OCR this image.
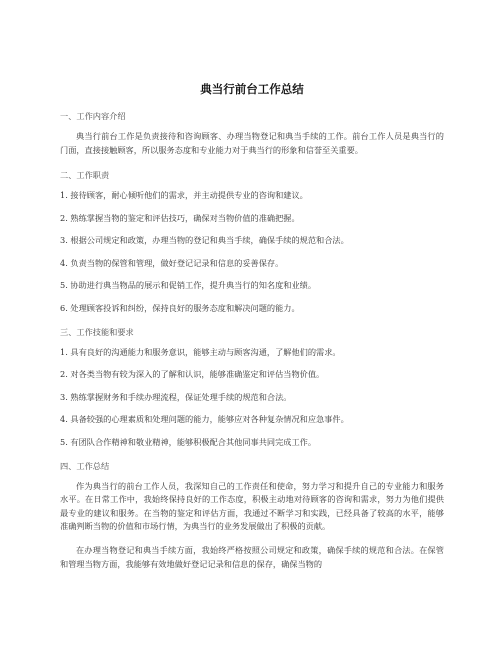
典当行前台工作总结
一、工作内容介绍

典当行前台工作是负责接待和咨询顾客、办理当物登记和典当手续的工作。前台工作人员是典当行的门面，直接接触顾客，所以服务态度和专业能力对于典当行的形象和信誉至关重要。

二、工作职责
1. 接待顾客，耐心倾听他们的需求，并主动提供专业的咨询和建议。
2. 熟练掌握当物的鉴定和评估技巧，确保对当物价值的准确把握。
3. 根据公司规定和政策，办理当物的登记和典当手续，确保手续的规范和合法。
4. 负责当物的保管和管理，做好登记记录和信息的妥善保存。
5. 协助进行典当物品的展示和促销工作，提升典当行的知名度和业绩。
6. 处理顾客投诉和纠纷，保持良好的服务态度和解决问题的能力。
三、工作技能和要求
1. 具有良好的沟通能力和服务意识，能够主动与顾客沟通，了解他们的需求。
2. 对各类当物有较为深入的了解和认识，能够准确鉴定和评估当物价值。
3. 熟练掌握财务和手续办理流程，保证处理手续的规范和合法。
4. 具备较强的心理素质和处理问题的能力，能够应对各种复杂情况和应急事件。
5. 有团队合作精神和敬业精神，能够积极配合其他同事共同完成工作。
四、工作总结

作为典当行的前台工作人员，我深知自己的工作责任和使命，努力学习和提升自己的专业能力和服务水平。在日常工作中，我始终保持良好的工作态度，积极主动地对待顾客的咨询和需求，努力为他们提供最专业的建议和服务。在当物的鉴定和评估方面，我通过不断学习和实践，已经具备了较高的水平，能够准确判断当物的价值和市场行情，为典当行的业务发展做出了积极的贡献。

在办理当物登记和典当手续方面，我始终严格按照公司规定和政策，确保手续的规范和合法。在保管和管理当物方面，我能够有效地做好登记记录和信息的保存，确保当物的
